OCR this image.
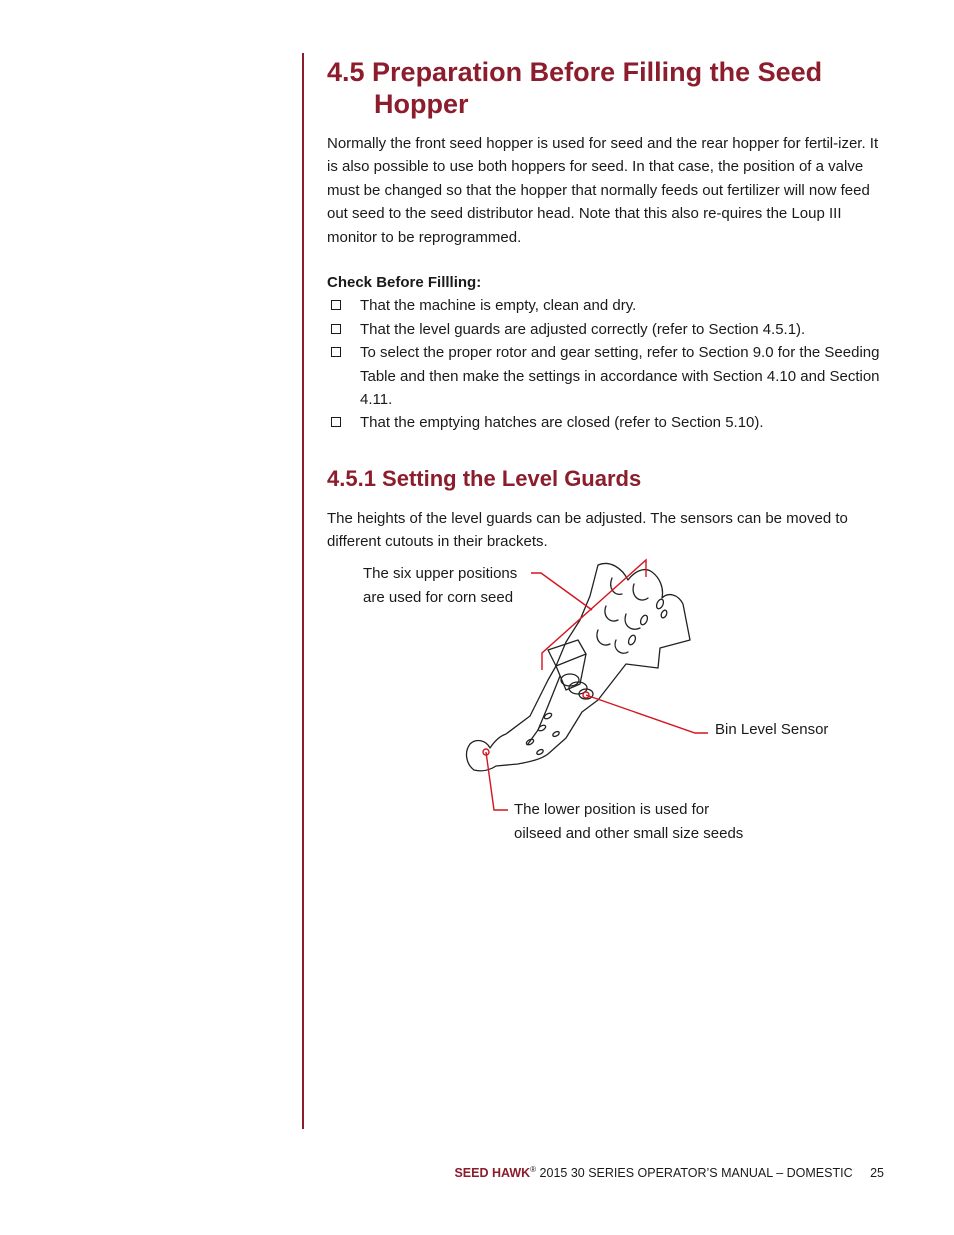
4.5 Preparation Before Filling the Seed Hopper

Normally the front seed hopper is used for seed and the rear hopper for fertil-izer. It is also possible to use both hoppers for seed. In that case, the position of a valve must be changed so that the hopper that normally feeds out fertilizer will now feed out seed to the seed distributor head. Note that this also re-quires the Loup III monitor to be reprogrammed.

Check Before Fillling:
That the machine is empty, clean and dry.
That the level guards are adjusted correctly (refer to Section 4.5.1).
To select the proper rotor and gear setting, refer to Section 9.0 for the Seeding Table and then make the settings in accordance with Section 4.10 and Section 4.11.
That the emptying hatches are closed (refer to Section 5.10).
4.5.1 Setting the Level Guards

The heights of the level guards can be adjusted. The sensors can be moved to different cutouts in their brackets.

The six upper positions
are used for corn seed
Bin Level Sensor
The lower position is used for
oilseed and other small size seeds
SEED HAWK® 2015 30 SERIES OPERATOR’S MANUAL – DOMESTIC 25
